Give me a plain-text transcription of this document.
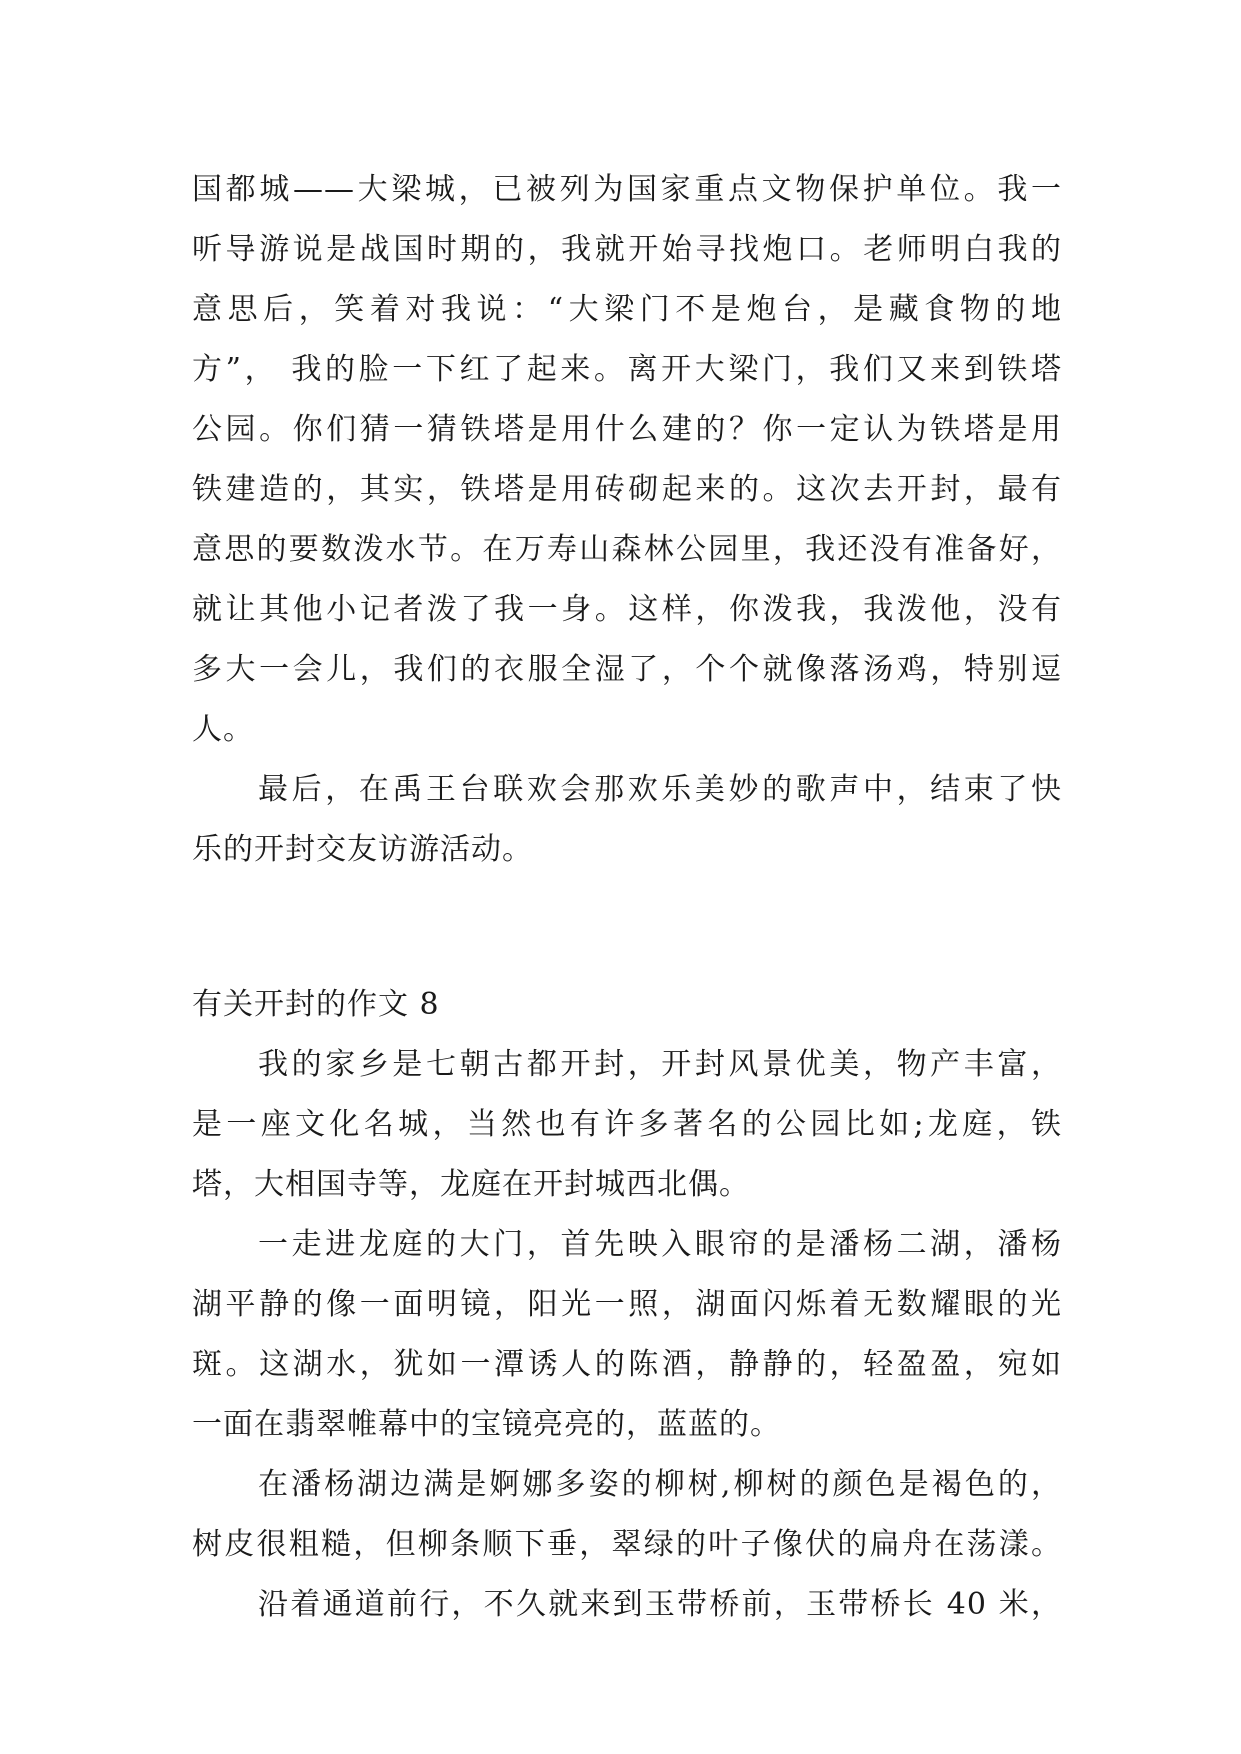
国都城——大梁城，已被列为国家重点文物保护单位。我一
听导游说是战国时期的，我就开始寻找炮口。老师明白我的
意思后，笑着对我说：“大梁门不是炮台，是藏食物的地
方”， 我的脸一下红了起来。离开大梁门，我们又来到铁塔
公园。你们猜一猜铁塔是用什么建的？你一定认为铁塔是用
铁建造的，其实，铁塔是用砖砌起来的。这次去开封，最有
意思的要数泼水节。在万寿山森林公园里，我还没有准备好，
就让其他小记者泼了我一身。这样，你泼我，我泼他，没有
多大一会儿，我们的衣服全湿了，个个就像落汤鸡，特别逗
人。
最后，在禹王台联欢会那欢乐美妙的歌声中，结束了快
乐的开封交友访游活动。
有关开封的作文 8
我的家乡是七朝古都开封，开封风景优美，物产丰富，
是一座文化名城，当然也有许多著名的公园比如;龙庭，铁
塔，大相国寺等，龙庭在开封城西北偶。
一走进龙庭的大门，首先映入眼帘的是潘杨二湖，潘杨
湖平静的像一面明镜，阳光一照，湖面闪烁着无数耀眼的光
斑。这湖水，犹如一潭诱人的陈酒，静静的，轻盈盈，宛如
一面在翡翠帷幕中的宝镜亮亮的，蓝蓝的。
在潘杨湖边满是婀娜多姿的柳树,柳树的颜色是褐色的，
树皮很粗糙，但柳条顺下垂，翠绿的叶子像伏的扁舟在荡漾。
沿着通道前行，不久就来到玉带桥前，玉带桥长 40 米，
